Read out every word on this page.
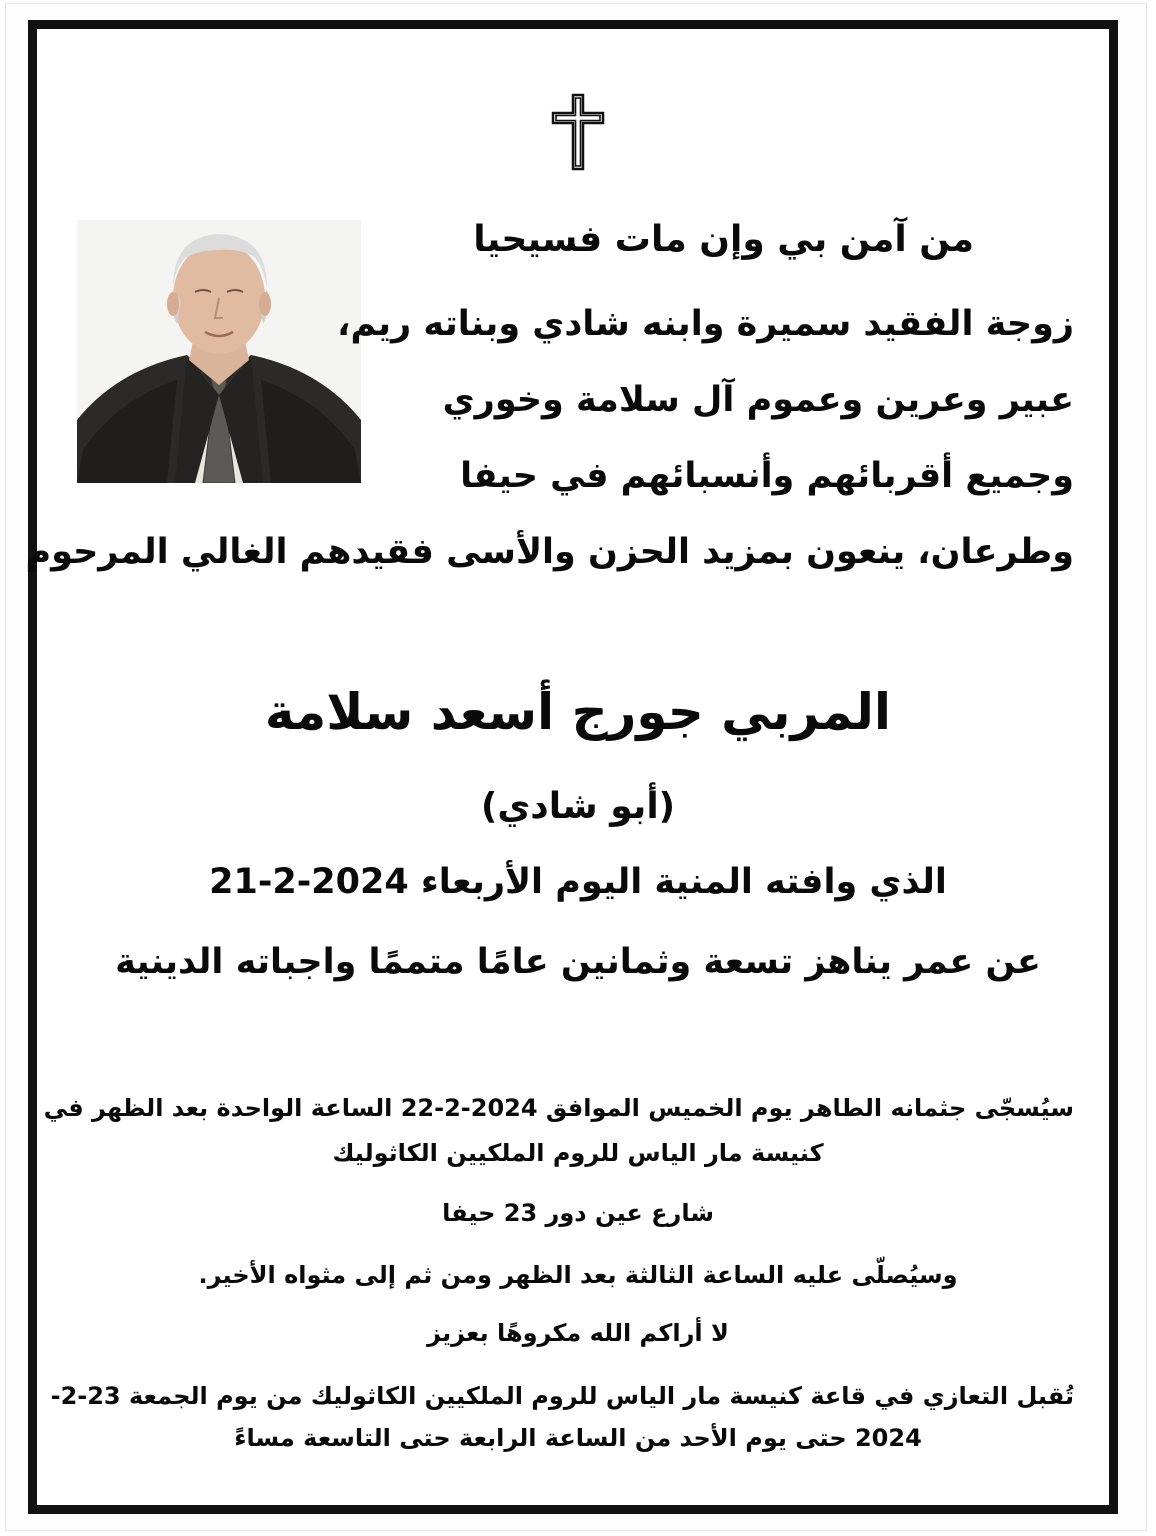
من آمن بي وإن مات فسيحيا

زوجة الفقيد سميرة وابنه شادي وبناته ريم،

عبير وعرين وعموم آل سلامة وخوري

وجميع أقربائهم وأنسبائهم في حيفا

وطرعان، ينعون بمزيد الحزن والأسى فقيدهم الغالي المرحوم

المربي جورج أسعد سلامة

(أبو شادي)

الذي وافته المنية اليوم الأربعاء 2024-2-21

عن عمر يناهز تسعة وثمانين عامًا متممًا واجباته الدينية

سيُسجّى جثمانه الطاهر يوم الخميس الموافق 2024-2-22 الساعة الواحدة بعد الظهر في

كنيسة مار الياس للروم الملكيين الكاثوليك

شارع عين دور 23 حيفا

وسيُصلّى عليه الساعة الثالثة بعد الظهر ومن ثم إلى مثواه الأخير.

لا أراكم الله مكروهًا بعزيز

تُقبل التعازي في قاعة كنيسة مار الياس للروم الملكيين الكاثوليك من يوم الجمعة 23-2-

2024 حتى يوم الأحد من الساعة الرابعة حتى التاسعة مساءً
